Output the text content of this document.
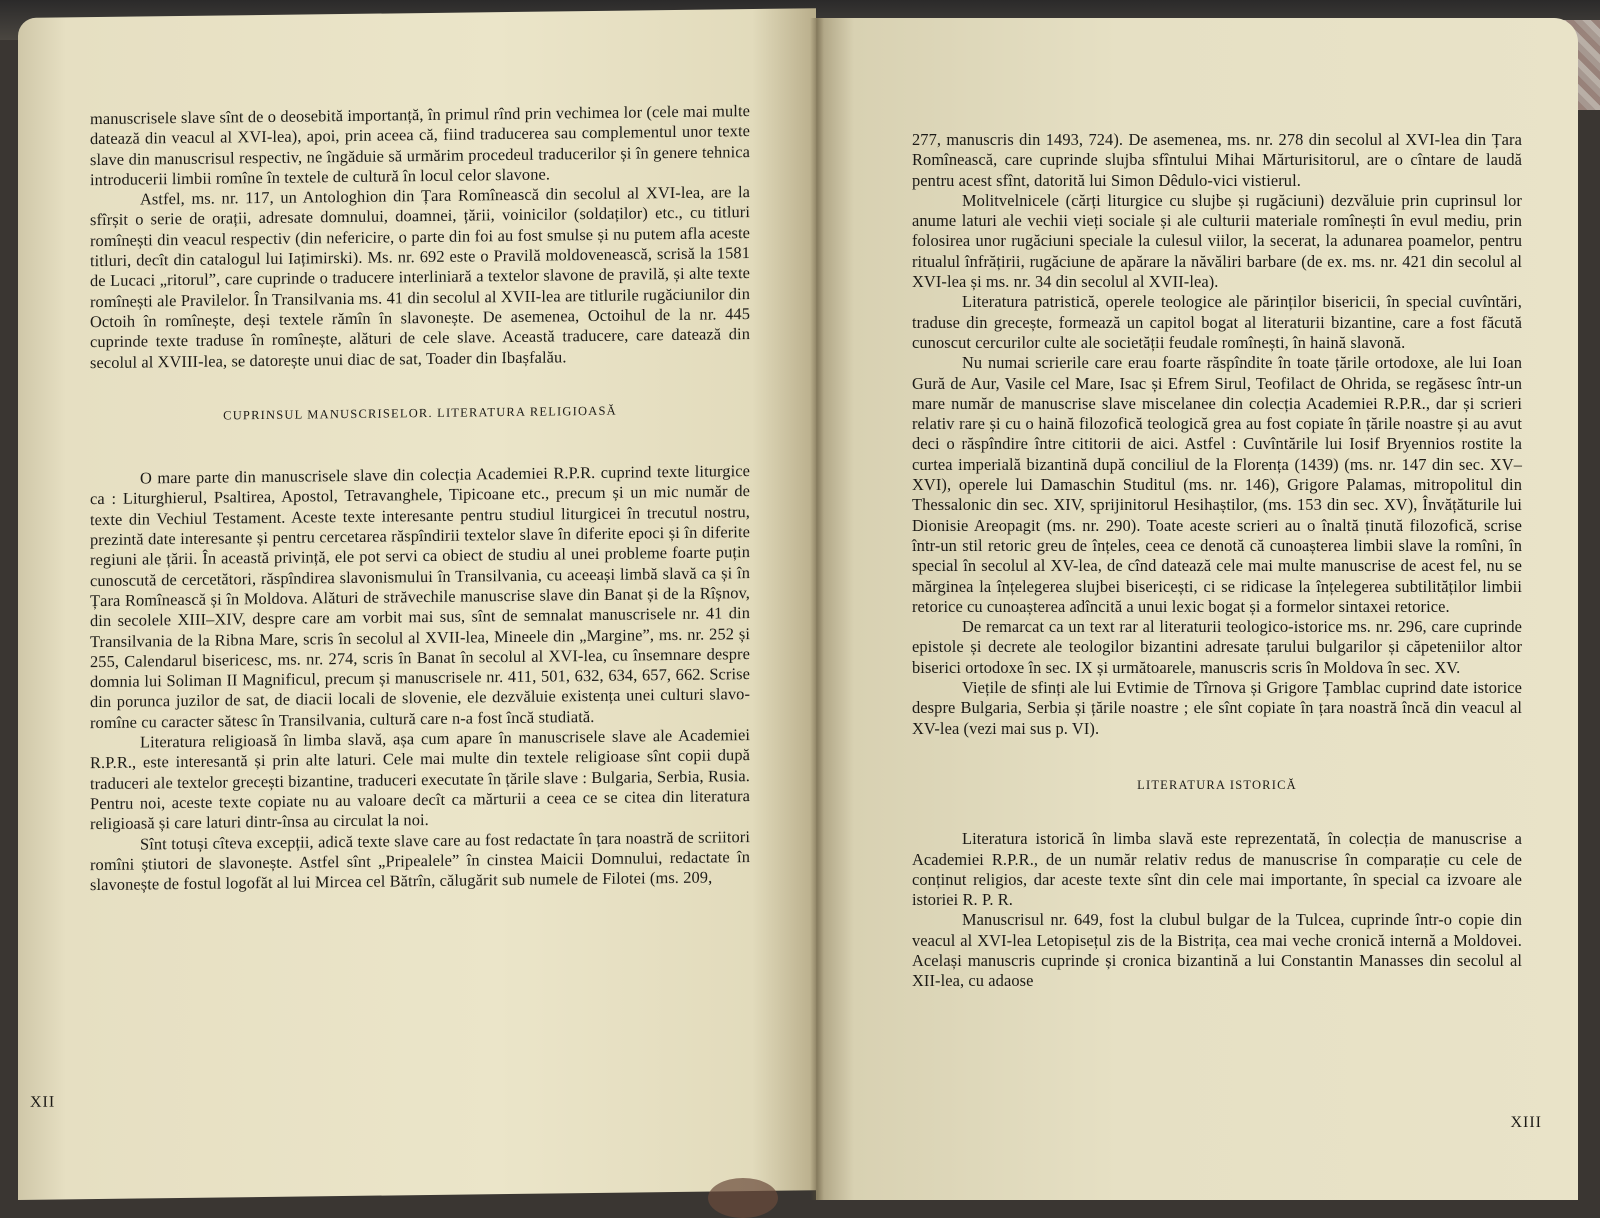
manuscrisele slave sînt de o deosebită importanță, în primul rînd prin vechimea lor (cele mai multe datează din veacul al XVI-lea), apoi, prin aceea că, fiind traducerea sau complementul unor texte slave din manuscrisul respectiv, ne îngăduie să urmărim procedeul traducerilor și în genere tehnica introducerii limbii romîne în textele de cultură în locul celor slavone.

Astfel, ms. nr. 117, un Antologhion din Țara Romînească din secolul al XVI-lea, are la sfîrșit o serie de orații, adresate domnului, doamnei, țării, voinicilor (soldaților) etc., cu titluri romînești din veacul respectiv (din nefericire, o parte din foi au fost smulse și nu putem afla aceste titluri, decît din catalogul lui Iațimirski). Ms. nr. 692 este o Pravilă moldovenească, scrisă la 1581 de Lucaci „ritorul”, care cuprinde o traducere interliniară a textelor slavone de pravilă, și alte texte romînești ale Pravilelor. În Transilvania ms. 41 din secolul al XVII-lea are titlurile rugăciunilor din Octoih în romînește, deși textele rămîn în slavonește. De asemenea, Octoihul de la nr. 445 cuprinde texte traduse în romînește, alături de cele slave. Această traducere, care datează din secolul al XVIII-lea, se datorește unui diac de sat, Toader din Ibașfalău.

CUPRINSUL MANUSCRISELOR. LITERATURA RELIGIOASĂ

O mare parte din manuscrisele slave din colecția Academiei R.P.R. cuprind texte liturgice ca : Liturghierul, Psaltirea, Apostol, Tetravanghele, Tipicoane etc., precum și un mic număr de texte din Vechiul Testament. Aceste texte interesante pentru studiul liturgicei în trecutul nostru, prezintă date interesante și pentru cercetarea răspîndirii textelor slave în diferite epoci și în diferite regiuni ale țării. În această privință, ele pot servi ca obiect de studiu al unei probleme foarte puțin cunoscută de cercetători, răspîndirea slavonismului în Transilvania, cu aceeași limbă slavă ca și în Țara Romînească și în Moldova. Alături de străvechile manuscrise slave din Banat și de la Rîșnov, din secolele XIII–XIV, despre care am vorbit mai sus, sînt de semnalat manuscrisele nr. 41 din Transilvania de la Ribna Mare, scris în secolul al XVII-lea, Mineele din „Margine”, ms. nr. 252 și 255, Calendarul bisericesc, ms. nr. 274, scris în Banat în secolul al XVI-lea, cu însemnare despre domnia lui Soliman II Magnificul, precum și manuscrisele nr. 411, 501, 632, 634, 657, 662. Scrise din porunca juzilor de sat, de diacii locali de slovenie, ele dezvăluie existența unei culturi slavo-romîne cu caracter sătesc în Transilvania, cultură care n-a fost încă studiată.

Literatura religioasă în limba slavă, așa cum apare în manuscrisele slave ale Academiei R.P.R., este interesantă și prin alte laturi. Cele mai multe din textele religioase sînt copii după traduceri ale textelor grecești bizantine, traduceri executate în țările slave : Bulgaria, Serbia, Rusia. Pentru noi, aceste texte copiate nu au valoare decît ca mărturii a ceea ce se citea din literatura religioasă și care laturi dintr-însa au circulat la noi.

Sînt totuși cîteva excepții, adică texte slave care au fost redactate în țara noastră de scriitori romîni știutori de slavonește. Astfel sînt „Pripealele” în cinstea Maicii Domnului, redactate în slavonește de fostul logofăt al lui Mircea cel Bătrîn, călugărit sub numele de Filotei (ms. 209,

XII

277, manuscris din 1493, 724). De asemenea, ms. nr. 278 din secolul al XVI-lea din Țara Romînească, care cuprinde slujba sfîntului Mihai Mărturisitorul, are o cîntare de laudă pentru acest sfînt, datorită lui Simon Dêdulo-vici vistierul.

Molitvelnicele (cărți liturgice cu slujbe și rugăciuni) dezvăluie prin cuprinsul lor anume laturi ale vechii vieți sociale și ale culturii materiale romînești în evul mediu, prin folosirea unor rugăciuni speciale la culesul viilor, la secerat, la adunarea poamelor, pentru ritualul înfrățirii, rugăciune de apărare la năvăliri barbare (de ex. ms. nr. 421 din secolul al XVI-lea și ms. nr. 34 din secolul al XVII-lea).

Literatura patristică, operele teologice ale părinților bisericii, în special cuvîntări, traduse din grecește, formează un capitol bogat al literaturii bizantine, care a fost făcută cunoscut cercurilor culte ale societății feudale romînești, în haină slavonă.

Nu numai scrierile care erau foarte răspîndite în toate țările ortodoxe, ale lui Ioan Gură de Aur, Vasile cel Mare, Isac și Efrem Sirul, Teofilact de Ohrida, se regăsesc într-un mare număr de manuscrise slave miscelanee din colecția Academiei R.P.R., dar și scrieri relativ rare și cu o haină filozofică teologică grea au fost copiate în țările noastre și au avut deci o răspîndire între cititorii de aici. Astfel : Cuvîntările lui Iosif Bryennios rostite la curtea imperială bizantină după conciliul de la Florența (1439) (ms. nr. 147 din sec. XV–XVI), operele lui Damaschin Studitul (ms. nr. 146), Grigore Palamas, mitropolitul din Thessalonic din sec. XIV, sprijinitorul Hesihaștilor, (ms. 153 din sec. XV), Învățăturile lui Dionisie Areopagit (ms. nr. 290). Toate aceste scrieri au o înaltă ținută filozofică, scrise într-un stil retoric greu de înțeles, ceea ce denotă că cunoașterea limbii slave la romîni, în special în secolul al XV-lea, de cînd datează cele mai multe manuscrise de acest fel, nu se mărginea la înțelegerea slujbei bisericești, ci se ridicase la înțelegerea subtilităților limbii retorice cu cunoașterea adîncită a unui lexic bogat și a formelor sintaxei retorice.

De remarcat ca un text rar al literaturii teologico-istorice ms. nr. 296, care cuprinde epistole și decrete ale teologilor bizantini adresate țarului bulgarilor și căpeteniilor altor biserici ortodoxe în sec. IX și următoarele, manuscris scris în Moldova în sec. XV.

Viețile de sfinți ale lui Evtimie de Tîrnova și Grigore Țamblac cuprind date istorice despre Bulgaria, Serbia și țările noastre ; ele sînt copiate în țara noastră încă din veacul al XV-lea (vezi mai sus p. VI).

LITERATURA ISTORICĂ

Literatura istorică în limba slavă este reprezentată, în colecția de manuscrise a Academiei R.P.R., de un număr relativ redus de manuscrise în comparație cu cele de conținut religios, dar aceste texte sînt din cele mai importante, în special ca izvoare ale istoriei R. P. R.

Manuscrisul nr. 649, fost la clubul bulgar de la Tulcea, cuprinde într-o copie din veacul al XVI-lea Letopisețul zis de la Bistrița, cea mai veche cronică internă a Moldovei. Același manuscris cuprinde și cronica bizantină a lui Constantin Manasses din secolul al XII-lea, cu adaose

XIII
